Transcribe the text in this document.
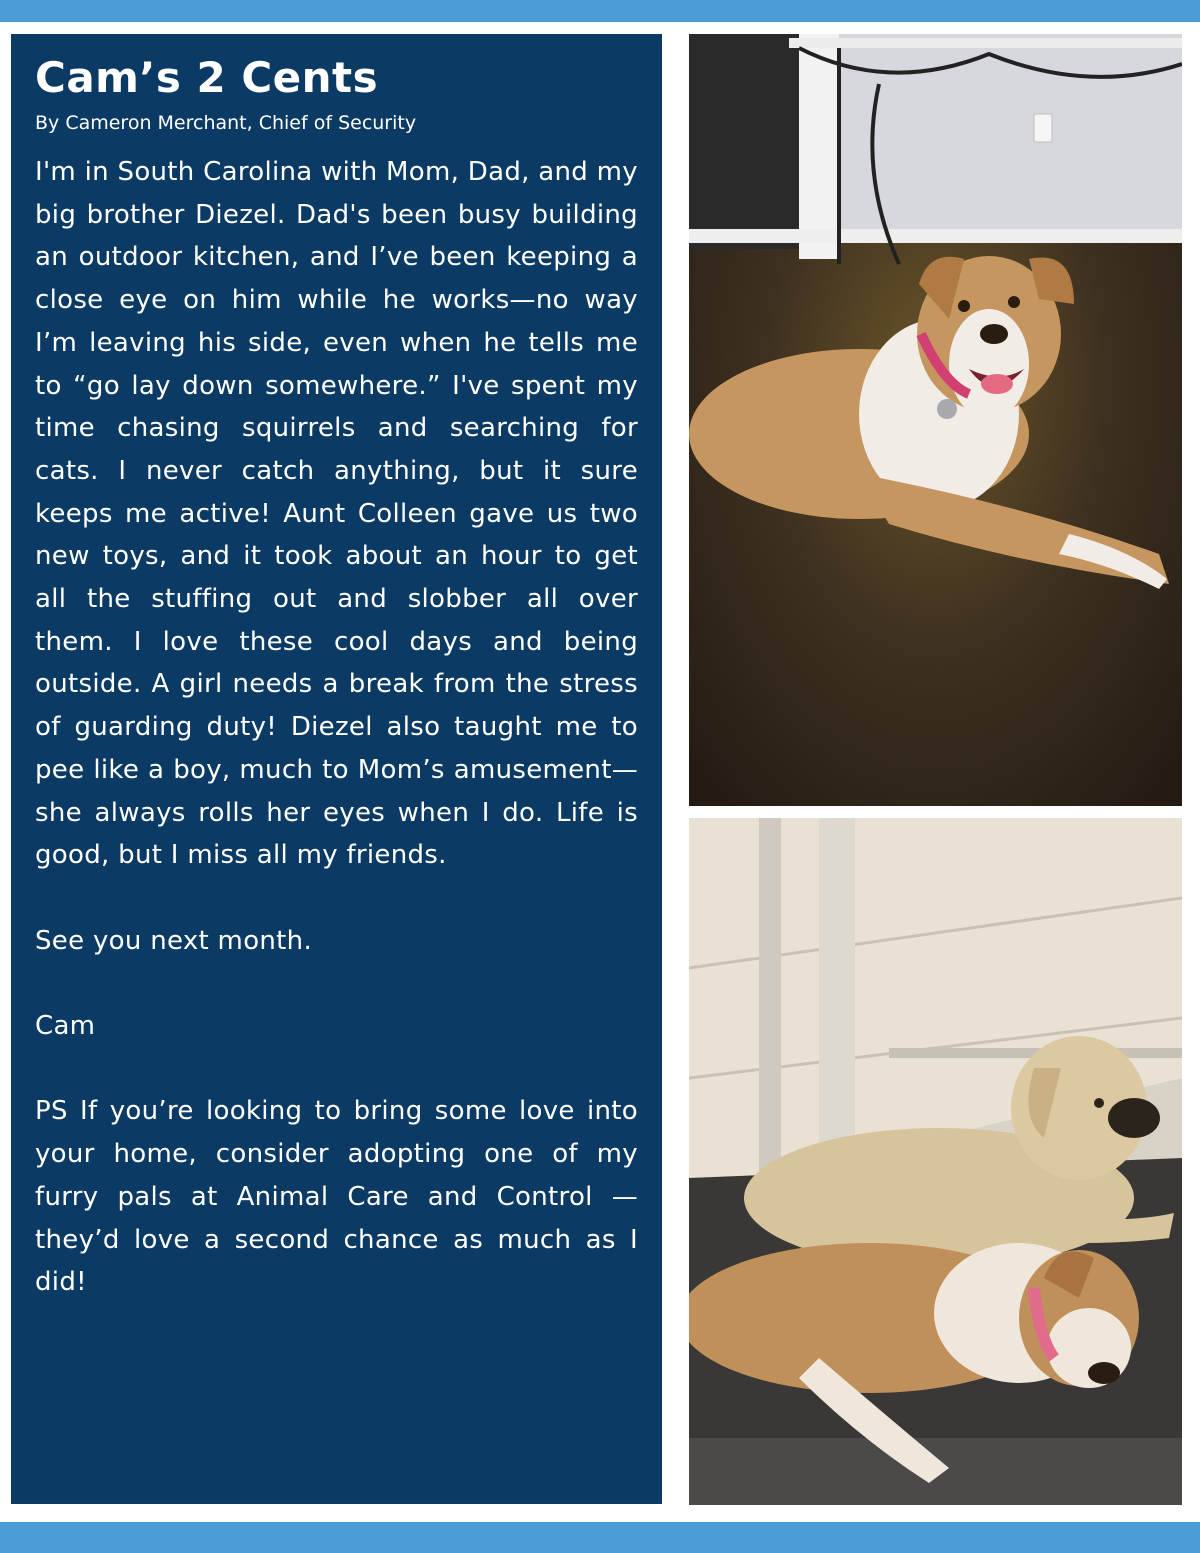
Cam’s 2 Cents
By Cameron Merchant, Chief of Security

I'm in South Carolina with Mom, Dad, and my big brother Diezel. Dad's been busy building an outdoor kitchen, and I’ve been keeping a close eye on him while he works—no way I’m leaving his side, even when he tells me to “go lay down somewhere.” I've spent my time chasing squirrels and searching for cats. I never catch anything, but it sure keeps me active! Aunt Colleen gave us two new toys, and it took about an hour to get all the stuffing out and slobber all over them. I love these cool days and being outside. A girl needs a break from the stress of guarding duty! Diezel also taught me to pee like a boy, much to Mom’s amusement—she always rolls her eyes when I do. Life is good, but I miss all my friends.

See you next month.

Cam

PS If you’re looking to bring some love into your home, consider adopting one of my furry pals at Animal Care and Control — they’d love a second chance as much as I did!
